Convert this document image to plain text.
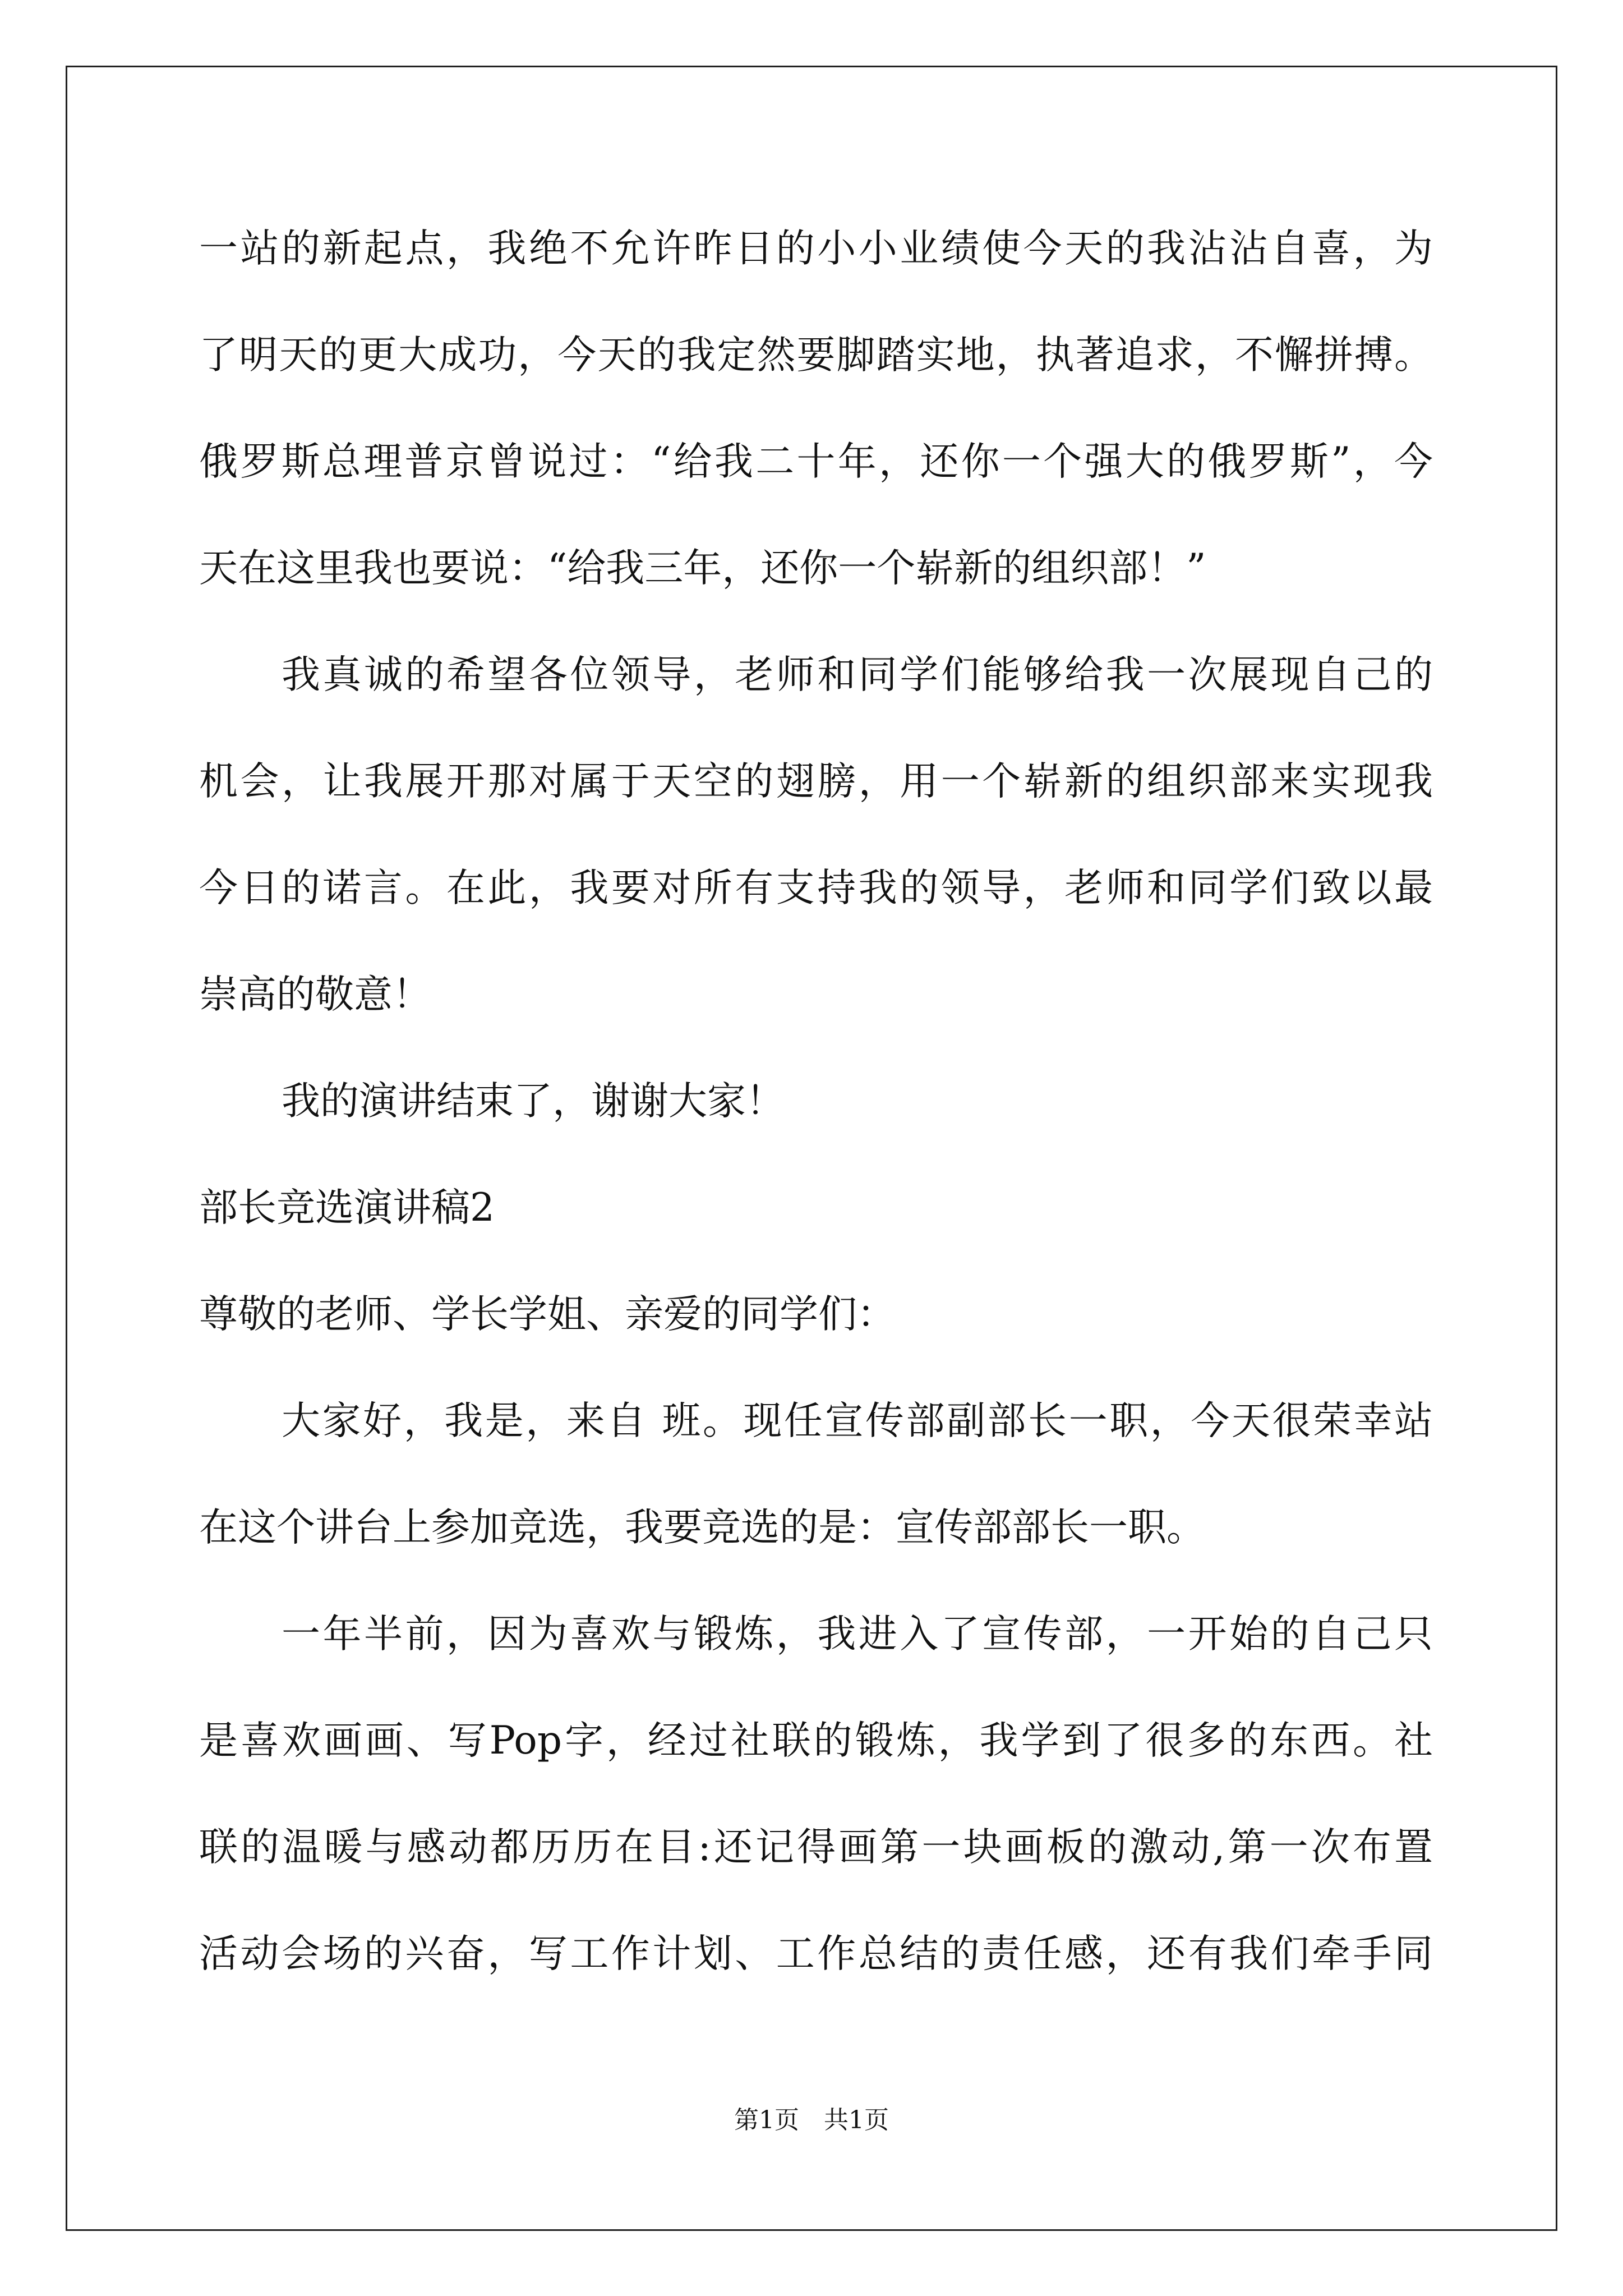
一站的新起点，我绝不允许昨日的小小业绩使今天的我沾沾自喜，为
了明天的更大成功，今天的我定然要脚踏实地，执著追求，不懈拼搏。
俄罗斯总理普京曾说过：“给我二十年，还你一个强大的俄罗斯”，今
天在这里我也要说：“给我三年，还你一个崭新的组织部！”
我真诚的希望各位领导，老师和同学们能够给我一次展现自己的
机会，让我展开那对属于天空的翅膀，用一个崭新的组织部来实现我
今日的诺言。在此，我要对所有支持我的领导，老师和同学们致以最
崇高的敬意！
我的演讲结束了，谢谢大家！
部长竞选演讲稿2
尊敬的老师、学长学姐、亲爱的同学们：
大家好，我是，来自 班。现任宣传部副部长一职，今天很荣幸站
在这个讲台上参加竞选，我要竞选的是：宣传部部长一职。
一年半前，因为喜欢与锻炼，我进入了宣传部，一开始的自己只
是喜欢画画、写Pop字，经过社联的锻炼，我学到了很多的东西。社
联的温暖与感动都历历在目:还记得画第一块画板的激动,第一次布置
活动会场的兴奋，写工作计划、工作总结的责任感，还有我们牵手同
第1页 共1页
